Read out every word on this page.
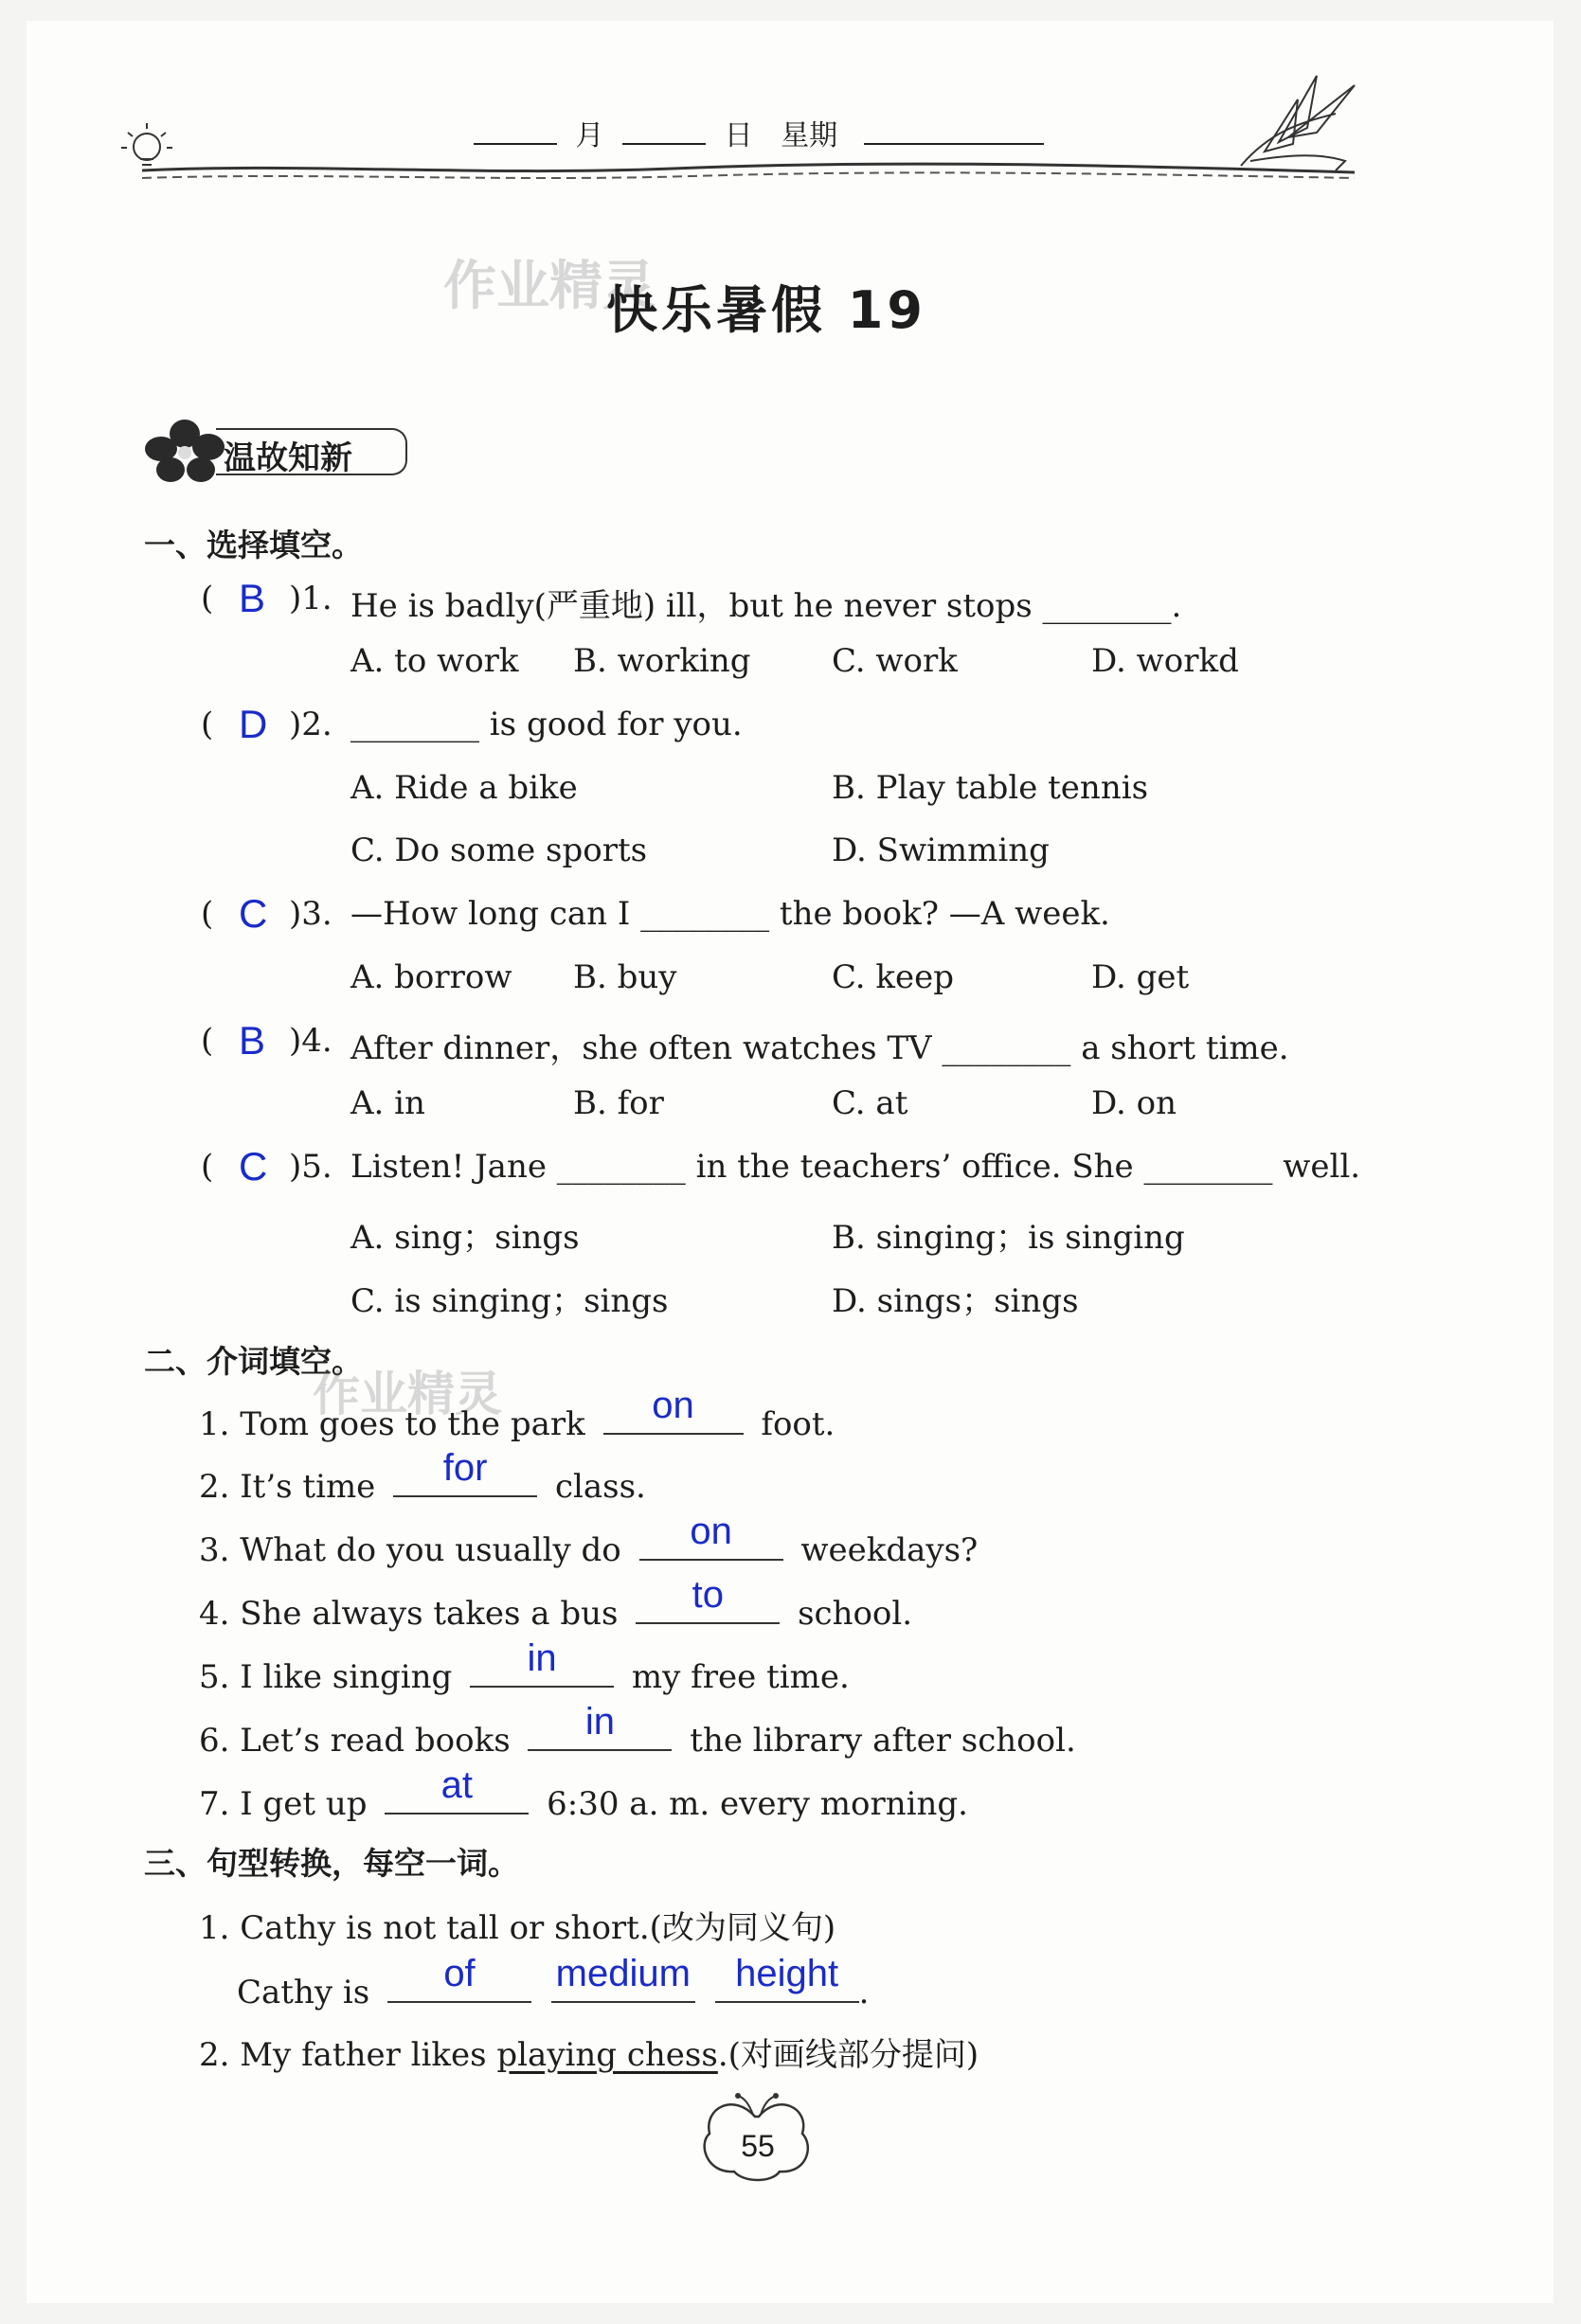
月	日 星期
作业精灵
快乐暑假 19
温故知新
一、选择填空。
( B )1. He is badly(严重地) ill，but he never stops ________.
A. to work B. working	C. work	D. workd
( D )2. ________ is good for you.
A. Ride a bike	B. Play table tennis
C. Do some sports	D. Swimming
( C )3. —How long can I ________ the book? —A week.
A. borrow B. buy	C. keep	D. get
( B )4. After dinner，she often watches TV ________ a short time.
A. in	B. for	C. at	D. on
( C )5. Listen! Jane ________ in the teachers’ office. She ________ well.
A. sing；sings	B. singing；is singing
C. is singing；sings	D. sings；sings
二、介词填空。
作业精灵
1. Tom goes to the park	on	foot.
2. It’s time	for	class.
3. What do you usually do	on	weekdays?
4. She always takes a bus	to	school.
5. I like singing	in	my free time.
6. Let’s read books	in	the library after school.
7. I get up	at	6:30 a. m. every morning.
三、句型转换，每空一词。
1. Cathy is not tall or short.(改为同义句)
Cathy is	of
	medium
	height .
2. My father likes playing chess.(对画线部分提问)
55
